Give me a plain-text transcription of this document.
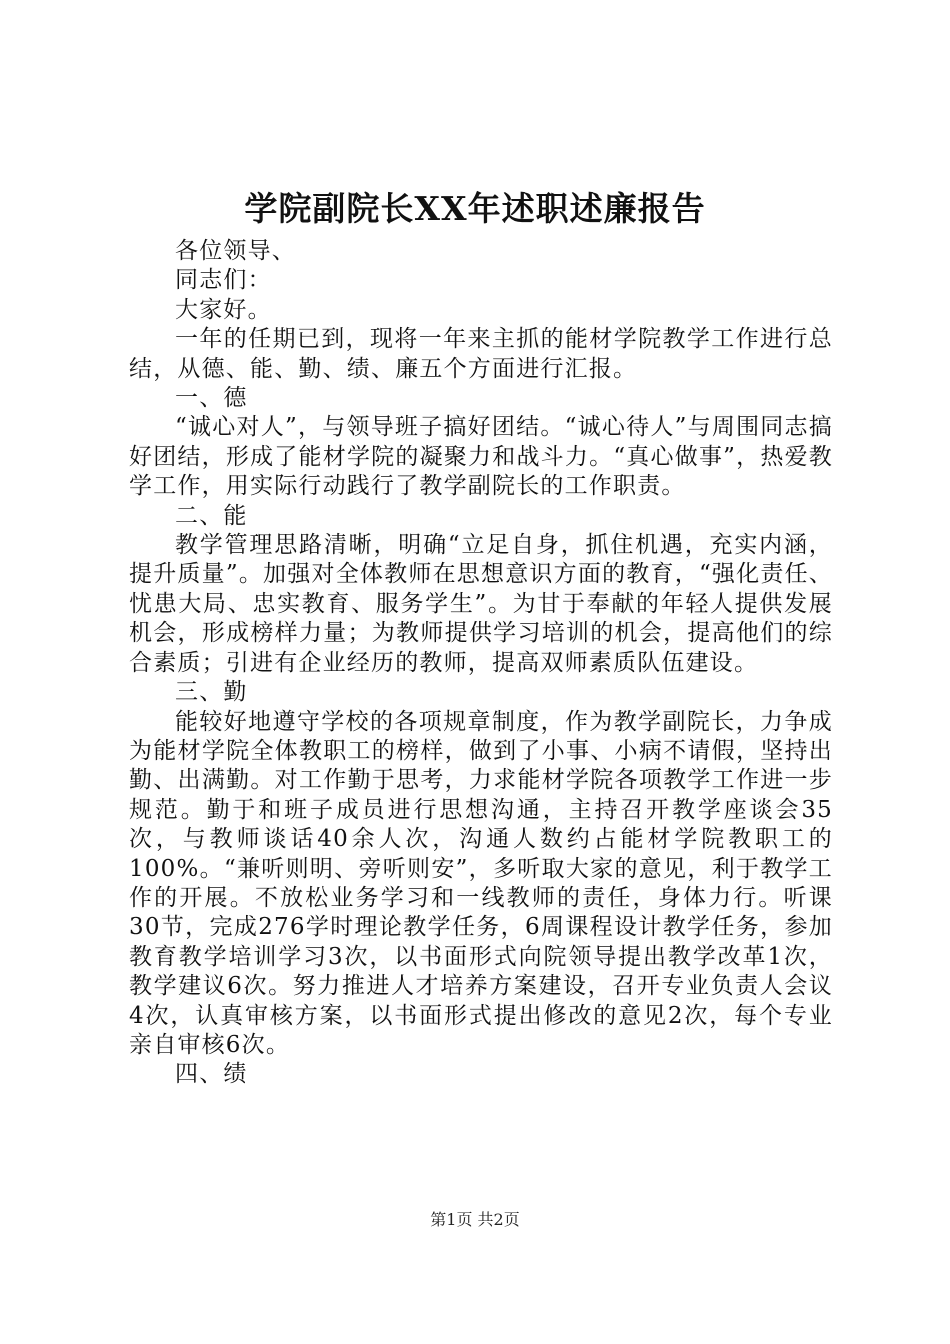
学院副院长XX年述职述廉报告

各位领导、

同志们：

大家好。

一年的任期已到，现将一年来主抓的能材学院教学工作进行总结，从德、能、勤、绩、廉五个方面进行汇报。

一、德

“诚心对人”，与领导班子搞好团结。“诚心待人”与周围同志搞好团结，形成了能材学院的凝聚力和战斗力。“真心做事”，热爱教学工作，用实际行动践行了教学副院长的工作职责。

二、能

教学管理思路清晰，明确“立足自身，抓住机遇，充实内涵，提升质量”。加强对全体教师在思想意识方面的教育，“强化责任、忧患大局、忠实教育、服务学生”。为甘于奉献的年轻人提供发展机会，形成榜样力量；为教师提供学习培训的机会，提高他们的综合素质；引进有企业经历的教师，提高双师素质队伍建设。

三、勤

能较好地遵守学校的各项规章制度，作为教学副院长，力争成为能材学院全体教职工的榜样，做到了小事、小病不请假，坚持出勤、出满勤。对工作勤于思考，力求能材学院各项教学工作进一步规范。勤于和班子成员进行思想沟通，主持召开教学座谈会35次，与教师谈话40余人次，沟通人数约占能材学院教职工的100%。“兼听则明、旁听则安”，多听取大家的意见，利于教学工作的开展。不放松业务学习和一线教师的责任，身体力行。听课30节，完成276学时理论教学任务，6周课程设计教学任务，参加教育教学培训学习3次，以书面形式向院领导提出教学改革1次，教学建议6次。努力推进人才培养方案建设，召开专业负责人会议4次，认真审核方案，以书面形式提出修改的意见2次，每个专业亲自审核6次。

四、绩

第1页 共2页
